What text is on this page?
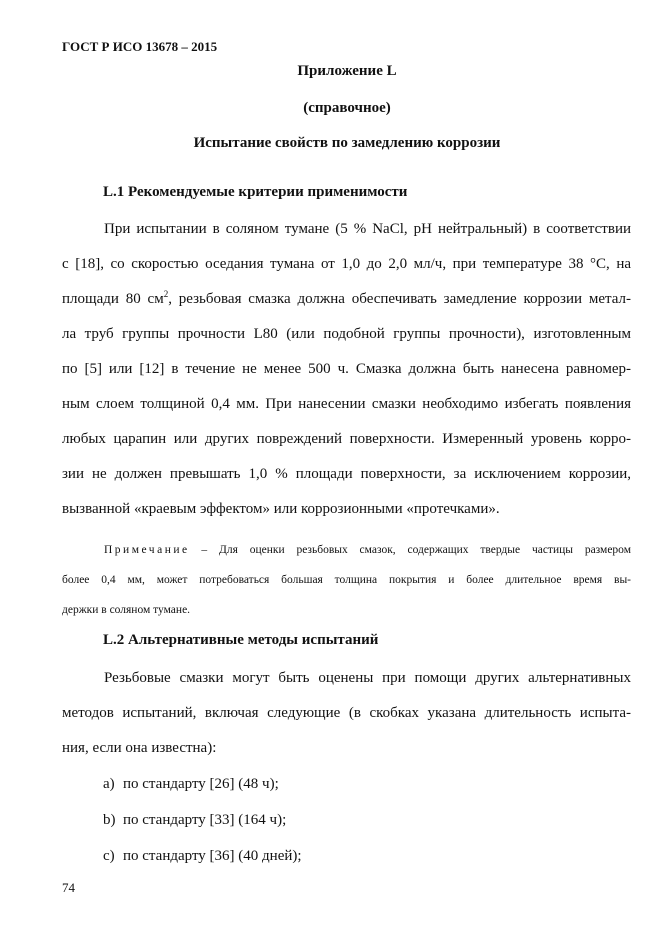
ГОСТ Р ИСО 13678 – 2015
Приложение L
(справочное)
Испытание свойств по замедлению коррозии
L.1 Рекомендуемые критерии применимости
При испытании в соляном тумане (5 % NaCl, pH нейтральный) в соответствии
с [18], со скоростью оседания тумана от 1,0 до 2,0 мл/ч, при температуре 38 °С, на
площади 80 $см^2$, резьбовая смазка должна обеспечивать замедление коррозии метал-
ла труб группы прочности L80 (или подобной группы прочности), изготовленным
по [5] или [12] в течение не менее 500 ч. Смазка должна быть нанесена равномер-
ным слоем толщиной 0,4 мм. При нанесении смазки необходимо избегать появления
любых царапин или других повреждений поверхности. Измеренный уровень корро-
зии не должен превышать 1,0 % площади поверхности, за исключением коррозии,
вызванной «краевым эффектом» или коррозионными «протечками».
Примечание – Для оценки резьбовых смазок, содержащих твердые частицы размером
более 0,4 мм, может потребоваться большая толщина покрытия и более длительное время вы-
держки в соляном тумане.
L.2 Альтернативные методы испытаний
Резьбовые смазки могут быть оценены при помощи других альтернативных
методов испытаний, включая следующие (в скобках указана длительность испыта-
ния, если она известна):
a) по стандарту [26] (48 ч);
b) по стандарту [33] (164 ч);
c) по стандарту [36] (40 дней);
74
